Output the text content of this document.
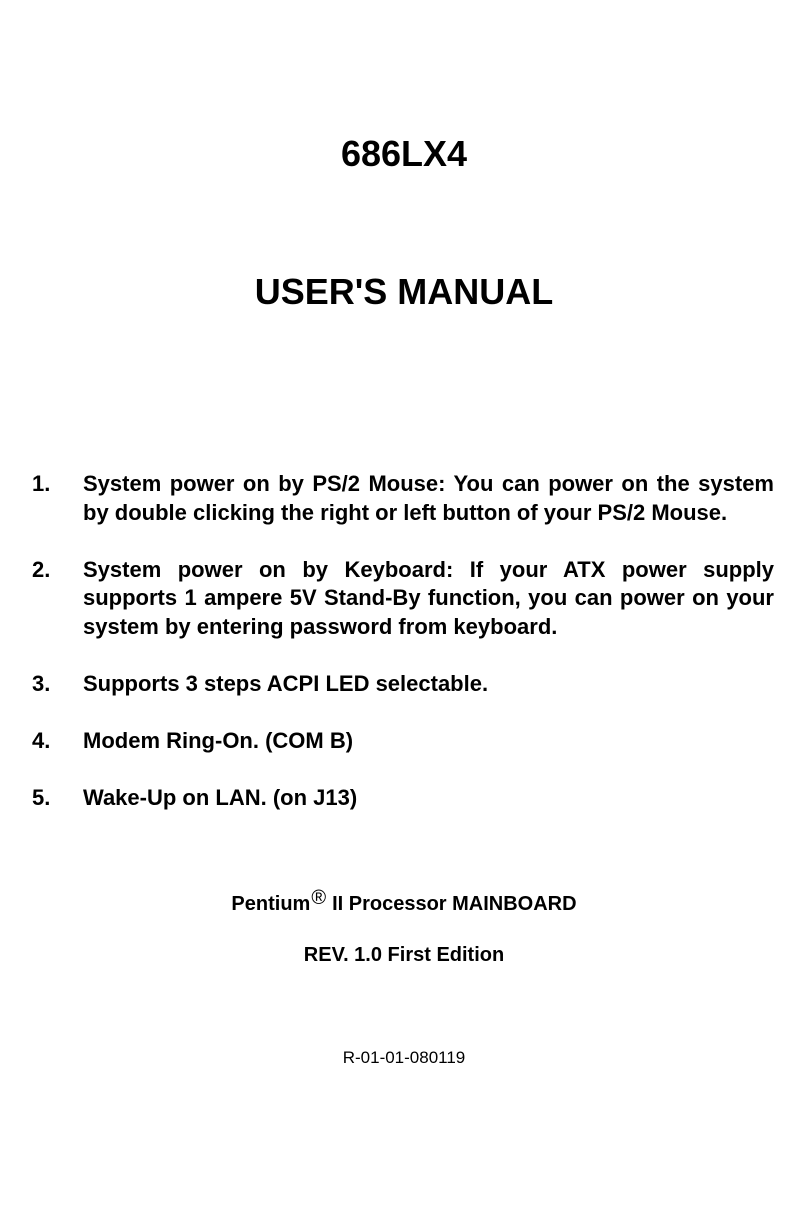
686LX4
USER'S MANUAL
1.	System power on by PS/2 Mouse: You can power on the system by double clicking the right or left button of your PS/2 Mouse.
2.	System power on by Keyboard: If your ATX power supply supports 1 ampere 5V Stand-By function, you can power on your system by entering password from keyboard.
3.	Supports 3 steps ACPI LED selectable.
4.	Modem Ring-On. (COM B)
5.	Wake-Up on LAN. (on J13)
Pentium® II Processor MAINBOARD
REV. 1.0 First Edition
R-01-01-080119
